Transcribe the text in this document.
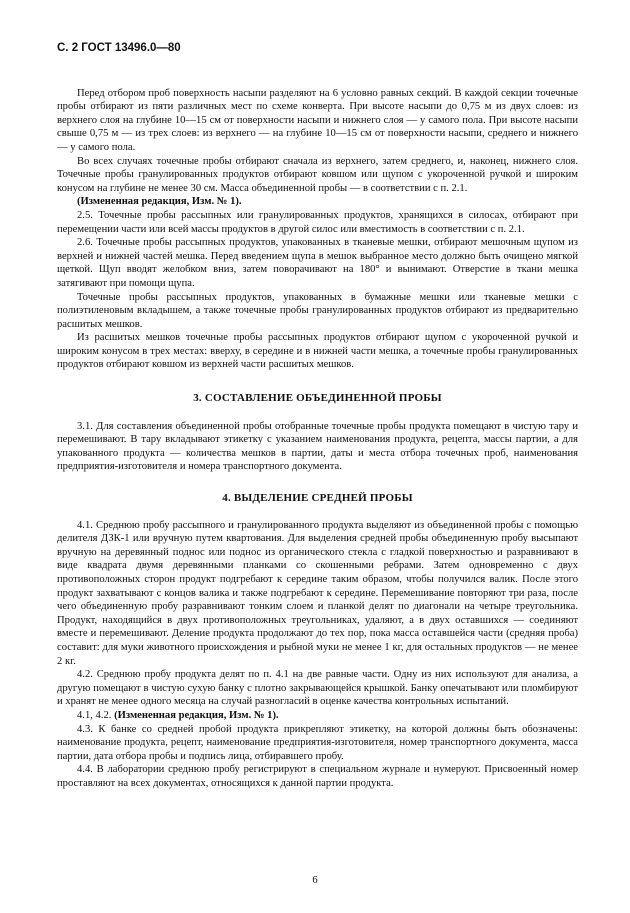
С. 2 ГОСТ 13496.0—80

Перед отбором проб поверхность насыпи разделяют на 6 условно равных секций. В каждой секции точечные пробы отбирают из пяти различных мест по схеме конверта. При высоте насыпи до 0,75 м из двух слоев: из верхнего слоя на глубине 10—15 см от поверхности насыпи и нижнего слоя — у самого пола. При высоте насыпи свыше 0,75 м — из трех слоев: из верхнего — на глубине 10—15 см от поверхности насыпи, среднего и нижнего — у самого пола.

Во всех случаях точечные пробы отбирают сначала из верхнего, затем среднего, и, наконец, нижнего слоя. Точечные пробы гранулированных продуктов отбирают ковшом или щупом с укороченной ручкой и широким конусом на глубине не менее 30 см. Масса объединенной пробы — в соответствии с п. 2.1.

(Измененная редакция, Изм. № 1).

2.5. Точечные пробы рассыпных или гранулированных продуктов, хранящихся в силосах, отбирают при перемещении части или всей массы продуктов в другой силос или вместимость в соответствии с п. 2.1.

2.6. Точечные пробы рассыпных продуктов, упакованных в тканевые мешки, отбирают мешочным щупом из верхней и нижней частей мешка. Перед введением щупа в мешок выбранное место должно быть очищено мягкой щеткой. Щуп вводят желобком вниз, затем поворачивают на 180° и вынимают. Отверстие в ткани мешка затягивают при помощи щупа.

Точечные пробы рассыпных продуктов, упакованных в бумажные мешки или тканевые мешки с полиэтиленовым вкладышем, а также точечные пробы гранулированных продуктов отбирают из предварительно расшитых мешков.

Из расшитых мешков точечные пробы рассыпных продуктов отбирают щупом с укороченной ручкой и широким конусом в трех местах: вверху, в середине и в нижней части мешка, а точечные пробы гранулированных продуктов отбирают ковшом из верхней части расшитых мешков.

3. СОСТАВЛЕНИЕ ОБЪЕДИНЕННОЙ ПРОБЫ

3.1. Для составления объединенной пробы отобранные точечные пробы продукта помещают в чистую тару и перемешивают. В тару вкладывают этикетку с указанием наименования продукта, рецепта, массы партии, а для упакованного продукта — количества мешков в партии, даты и места отбора точечных проб, наименования предприятия-изготовителя и номера транспортного документа.

4. ВЫДЕЛЕНИЕ СРЕДНЕЙ ПРОБЫ

4.1. Среднюю пробу рассыпного и гранулированного продукта выделяют из объединенной пробы с помощью делителя ДЗК-1 или вручную путем квартования. Для выделения средней пробы объединенную пробу высыпают вручную на деревянный поднос или поднос из органического стекла с гладкой поверхностью и разравнивают в виде квадрата двумя деревянными планками со скошенными ребрами. Затем одновременно с двух противоположных сторон продукт подгребают к середине таким образом, чтобы получился валик. После этого продукт захватывают с концов валика и также подгребают к середине. Перемешивание повторяют три раза, после чего объединенную пробу разравнивают тонким слоем и планкой делят по диагонали на четыре треугольника. Продукт, находящийся в двух противоположных треугольниках, удаляют, а в двух оставшихся — соединяют вместе и перемешивают. Деление продукта продолжают до тех пор, пока масса оставшейся части (средняя проба) составит: для муки животного происхождения и рыбной муки не менее 1 кг, для остальных продуктов — не менее 2 кг.

4.2. Среднюю пробу продукта делят по п. 4.1 на две равные части. Одну из них используют для анализа, а другую помещают в чистую сухую банку с плотно закрывающейся крышкой. Банку опечатывают или пломбируют и хранят не менее одного месяца на случай разногласий в оценке качества контрольных испытаний.

4.1, 4.2. (Измененная редакция, Изм. № 1).

4.3. К банке со средней пробой продукта прикрепляют этикетку, на которой должны быть обозначены: наименование продукта, рецепт, наименование предприятия-изготовителя, номер транспортного документа, масса партии, дата отбора пробы и подпись лица, отбиравшего пробу.

4.4. В лаборатории среднюю пробу регистрируют в специальном журнале и нумеруют. Присвоенный номер проставляют на всех документах, относящихся к данной партии продукта.

6
